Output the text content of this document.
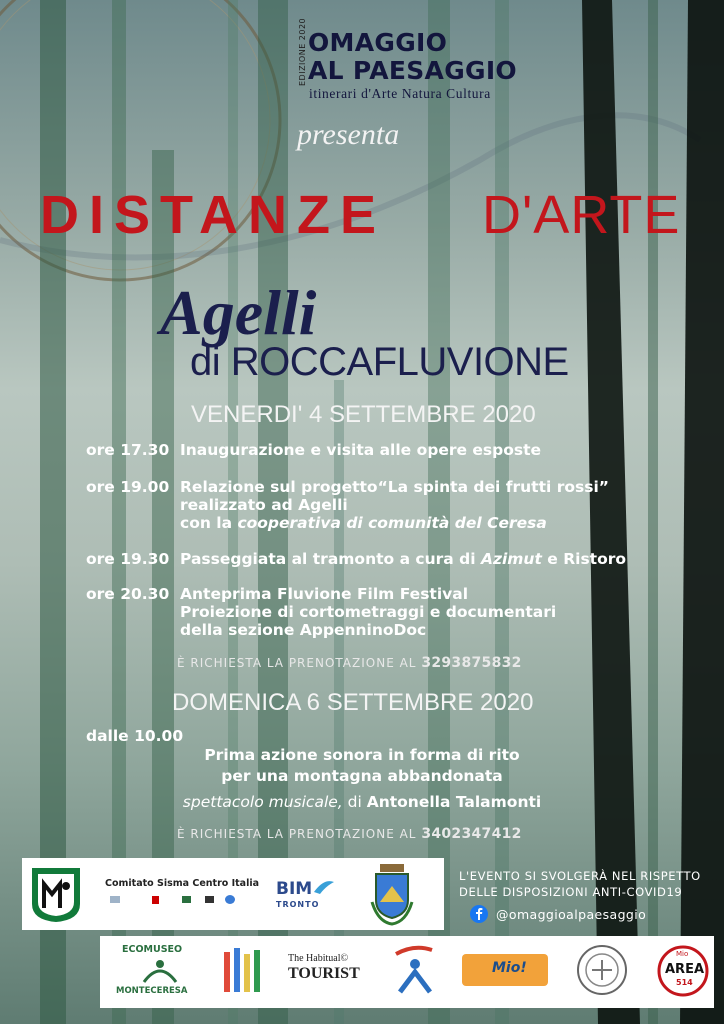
EDIZIONE 2020 OMAGGIO
AL PAESAGGIO
itinerari d'Arte Natura Cultura
presenta
DISTANZE D'ARTE
Agelli
di ROCCAFLUVIONE
VENERDI' 4 SETTEMBRE 2020
ore 17.30 Inaugurazione e visita alle opere esposte
ore 19.00 Relazione sul progetto“La spinta dei frutti rossi”
realizzato ad Agelli
con la cooperativa di comunità del Ceresa
ore 19.30 Passeggiata al tramonto a cura di Azimut e Ristoro
ore 20.30 Anteprima Fluvione Film Festival
Proiezione di cortometraggi e documentari
della sezione AppenninoDoc
È RICHIESTA LA PRENOTAZIONE AL 3293875832
DOMENICA 6 SETTEMBRE 2020
dalle 10.00
Prima azione sonora in forma di rito
per una montagna abbandonata
spettacolo musicale, di Antonella Talamonti
È RICHIESTA LA PRENOTAZIONE AL 3402347412
Comitato Sisma Centro Italia BIM
TRONTO
L'EVENTO SI SVOLGERÀ NEL RISPETTO
DELLE DISPOSIZIONI ANTI-COVID19
@omaggioalpaesaggio
ECOMUSEO
MONTECERESA
The Habitual©
TOURIST	Mio!
Mio
AREA
514
